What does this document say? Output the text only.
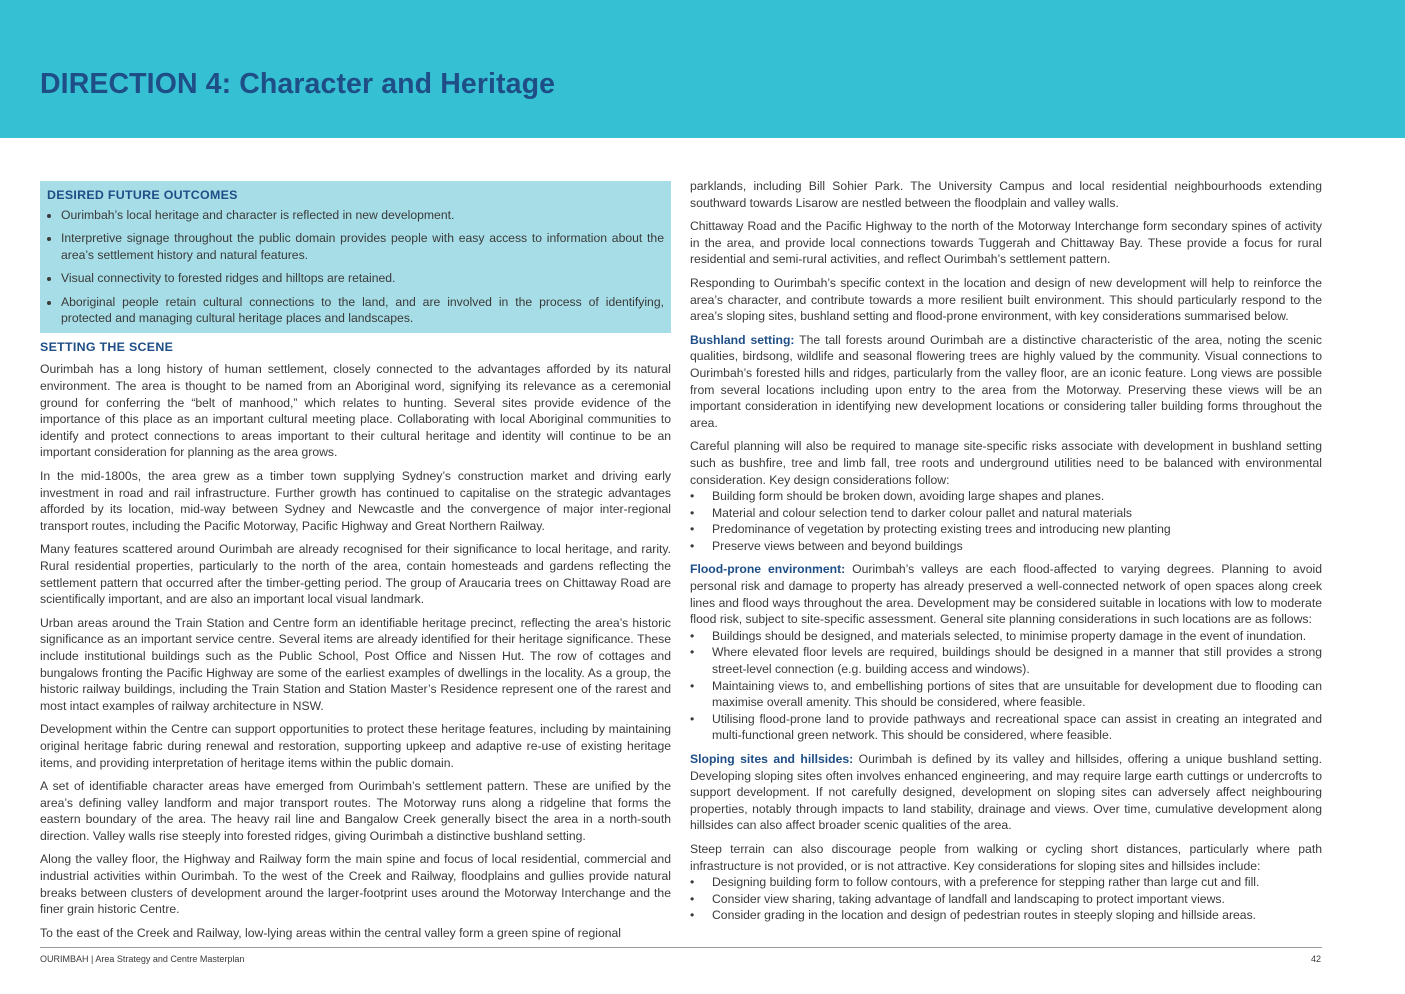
DIRECTION 4: Character and Heritage
DESIRED FUTURE OUTCOMES
• Ourimbah’s local heritage and character is reflected in new development.
• Interpretive signage throughout the public domain provides people with easy access to information about the area’s settlement history and natural features.
• Visual connectivity to forested ridges and hilltops are retained.
• Aboriginal people retain cultural connections to the land, and are involved in the process of identifying, protected and managing cultural heritage places and landscapes.
SETTING THE SCENE

Ourimbah has a long history of human settlement, closely connected to the advantages afforded by its natural environment. The area is thought to be named from an Aboriginal word, signifying its relevance as a ceremonial ground for conferring the “belt of manhood,” which relates to hunting. Several sites provide evidence of the importance of this place as an important cultural meeting place. Collaborating with local Aboriginal communities to identify and protect connections to areas important to their cultural heritage and identity will continue to be an important consideration for planning as the area grows.

In the mid-1800s, the area grew as a timber town supplying Sydney’s construction market and driving early investment in road and rail infrastructure. Further growth has continued to capitalise on the strategic advantages afforded by its location, mid-way between Sydney and Newcastle and the convergence of major inter-regional transport routes, including the Pacific Motorway, Pacific Highway and Great Northern Railway.

Many features scattered around Ourimbah are already recognised for their significance to local heritage, and rarity. Rural residential properties, particularly to the north of the area, contain homesteads and gardens reflecting the settlement pattern that occurred after the timber-getting period. The group of Araucaria trees on Chittaway Road are scientifically important, and are also an important local visual landmark.

Urban areas around the Train Station and Centre form an identifiable heritage precinct, reflecting the area’s historic significance as an important service centre. Several items are already identified for their heritage significance. These include institutional buildings such as the Public School, Post Office and Nissen Hut. The row of cottages and bungalows fronting the Pacific Highway are some of the earliest examples of dwellings in the locality. As a group, the historic railway buildings, including the Train Station and Station Master’s Residence represent one of the rarest and most intact examples of railway architecture in NSW.

Development within the Centre can support opportunities to protect these heritage features, including by maintaining original heritage fabric during renewal and restoration, supporting upkeep and adaptive re-use of existing heritage items, and providing interpretation of heritage items within the public domain.

A set of identifiable character areas have emerged from Ourimbah’s settlement pattern. These are unified by the area’s defining valley landform and major transport routes. The Motorway runs along a ridgeline that forms the eastern boundary of the area. The heavy rail line and Bangalow Creek generally bisect the area in a north-south direction. Valley walls rise steeply into forested ridges, giving Ourimbah a distinctive bushland setting.

Along the valley floor, the Highway and Railway form the main spine and focus of local residential, commercial and industrial activities within Ourimbah. To the west of the Creek and Railway, floodplains and gullies provide natural breaks between clusters of development around the larger-footprint uses around the Motorway Interchange and the finer grain historic Centre.

To the east of the Creek and Railway, low-lying areas within the central valley form a green spine of regional

parklands, including Bill Sohier Park. The University Campus and local residential neighbourhoods extending southward towards Lisarow are nestled between the floodplain and valley walls.

Chittaway Road and the Pacific Highway to the north of the Motorway Interchange form secondary spines of activity in the area, and provide local connections towards Tuggerah and Chittaway Bay. These provide a focus for rural residential and semi-rural activities, and reflect Ourimbah’s settlement pattern.

Responding to Ourimbah’s specific context in the location and design of new development will help to reinforce the area’s character, and contribute towards a more resilient built environment. This should particularly respond to the area’s sloping sites, bushland setting and flood-prone environment, with key considerations summarised below.

Bushland setting: The tall forests around Ourimbah are a distinctive characteristic of the area, noting the scenic qualities, birdsong, wildlife and seasonal flowering trees are highly valued by the community. Visual connections to Ourimbah’s forested hills and ridges, particularly from the valley floor, are an iconic feature. Long views are possible from several locations including upon entry to the area from the Motorway. Preserving these views will be an important consideration in identifying new development locations or considering taller building forms throughout the area.

Careful planning will also be required to manage site-specific risks associate with development in bushland setting such as bushfire, tree and limb fall, tree roots and underground utilities need to be balanced with environmental consideration. Key design considerations follow:

• Building form should be broken down, avoiding large shapes and planes.
• Material and colour selection tend to darker colour pallet and natural materials
• Predominance of vegetation by protecting existing trees and introducing new planting
• Preserve views between and beyond buildings

Flood-prone environment: Ourimbah’s valleys are each flood-affected to varying degrees. Planning to avoid personal risk and damage to property has already preserved a well-connected network of open spaces along creek lines and flood ways throughout the area. Development may be considered suitable in locations with low to moderate flood risk, subject to site-specific assessment. General site planning considerations in such locations are as follows:

• Buildings should be designed, and materials selected, to minimise property damage in the event of inundation.
• Where elevated floor levels are required, buildings should be designed in a manner that still provides a strong street-level connection (e.g. building access and windows).
• Maintaining views to, and embellishing portions of sites that are unsuitable for development due to flooding can maximise overall amenity. This should be considered, where feasible.
• Utilising flood-prone land to provide pathways and recreational space can assist in creating an integrated and multi-functional green network. This should be considered, where feasible.

Sloping sites and hillsides: Ourimbah is defined by its valley and hillsides, offering a unique bushland setting. Developing sloping sites often involves enhanced engineering, and may require large earth cuttings or undercrofts to support development. If not carefully designed, development on sloping sites can adversely affect neighbouring properties, notably through impacts to land stability, drainage and views. Over time, cumulative development along hillsides can also affect broader scenic qualities of the area.

Steep terrain can also discourage people from walking or cycling short distances, particularly where path infrastructure is not provided, or is not attractive. Key considerations for sloping sites and hillsides include:

• Designing building form to follow contours, with a preference for stepping rather than large cut and fill.
• Consider view sharing, taking advantage of landfall and landscaping to protect important views.
• Consider grading in the location and design of pedestrian routes in steeply sloping and hillside areas.
OURIMBAH | Area Strategy and Centre Masterplan	42
